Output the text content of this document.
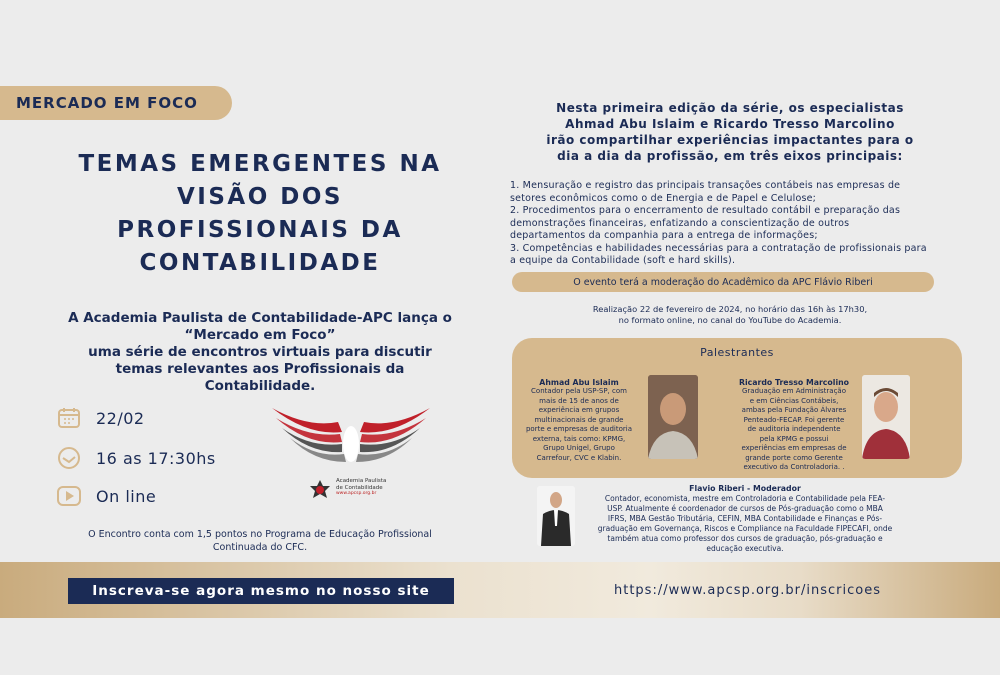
MERCADO EM FOCO
TEMAS EMERGENTES NA
VISÃO DOS
PROFISSIONAIS DA
CONTABILIDADE
A Academia Paulista de Contabilidade-APC lança o
“Mercado em Foco”
uma série de encontros virtuais para discutir
temas relevantes aos Profissionais da
Contabilidade.
22/02
16 as 17:30hs
On line
O Encontro conta com 1,5 pontos no Programa de Educação Profissional
Continuada do CFC.
Academia Paulista
de Contabilidade
www.apcsp.org.br
Nesta primeira edição da série, os especialistas
Ahmad Abu Islaim e Ricardo Tresso Marcolino
irão compartilhar experiências impactantes para o
dia a dia da profissão, em três eixos principais:
1. Mensuração e registro das principais transações contábeis nas empresas de
setores econômicos como o de Energia e de Papel e Celulose;
2. Procedimentos para o encerramento de resultado contábil e preparação das
demonstrações financeiras, enfatizando a conscientização de outros
departamentos da companhia para a entrega de informações;
3. Competências e habilidades necessárias para a contratação de profissionais para
a equipe da Contabilidade (soft e hard skills).
O evento terá a moderação do Acadêmico da APC Flávio Riberi
Realização 22 de fevereiro de 2024, no horário das 16h às 17h30,
no formato online, no canal do YouTube do Academia.
Palestrantes
Ahmad Abu Islaim
Contador pela USP-SP, com
mais de 15 de anos de
experiência em grupos
multinacionais de grande
porte e empresas de auditoria
externa, tais como: KPMG,
Grupo Unigel, Grupo
Carrefour, CVC e Klabin.
Ricardo Tresso Marcolino
Graduação em Administração
e em Ciências Contábeis,
ambas pela Fundação Álvares
Penteado-FECAP. Foi gerente
de auditoria independente
pela KPMG e possui
experiências em empresas de
grande porte como Gerente
executivo da Controladoria. .
Flavio Riberi - Moderador
Contador, economista, mestre em Controladoria e Contabilidade pela FEA-
USP. Atualmente é coordenador de cursos de Pós-graduação como o MBA
IFRS, MBA Gestão Tributária, CEFIN, MBA Contabilidade e Finanças e Pós-
graduação em Governança, Riscos e Compliance na Faculdade FIPECAFI, onde
também atua como professor dos cursos de graduação, pós-graduação e
educação executiva.
Inscreva-se agora mesmo no nosso site	https://www.apcsp.org.br/inscricoes
